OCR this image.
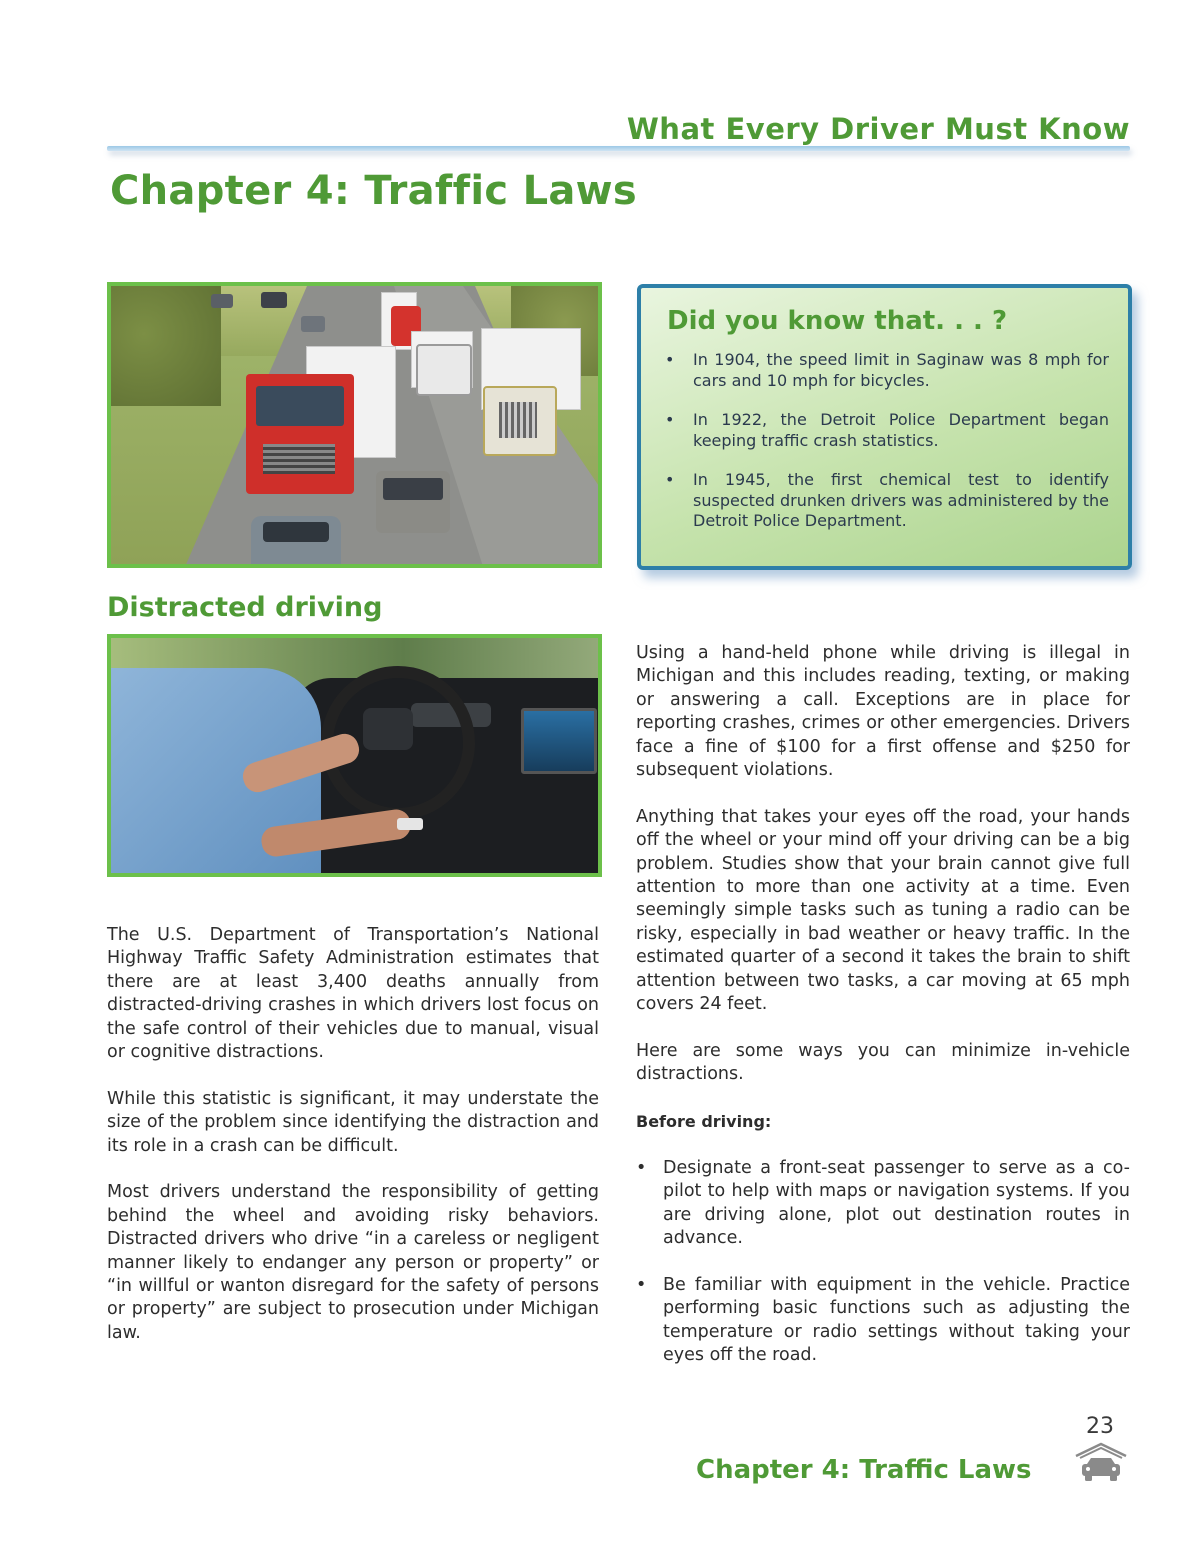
What Every Driver Must Know
Chapter 4: Traffic Laws
Did you know that. . . ?
• In 1904, the speed limit in Saginaw was 8 mph for cars and 10 mph for bicycles.
• In 1922, the Detroit Police Department began keeping traffic crash statistics.
• In 1945, the first chemical test to identify suspected drunken drivers was administered by the Detroit Police Department.
Distracted driving

The U.S. Department of Transportation’s National Highway Traffic Safety Administration estimates that there are at least 3,400 deaths annually from distracted-driving crashes in which drivers lost focus on the safe control of their vehicles due to manual, visual or cognitive distractions.

While this statistic is significant, it may understate the size of the problem since identifying the distraction and its role in a crash can be difficult.

Most drivers understand the responsibility of getting behind the wheel and avoiding risky behaviors. Distracted drivers who drive “in a careless or negligent manner likely to endanger any person or property” or “in willful or wanton disregard for the safety of persons or property” are subject to prosecution under Michigan law.

Using a hand-held phone while driving is illegal in Michigan and this includes reading, texting, or making or answering a call. Exceptions are in place for reporting crashes, crimes or other emergencies. Drivers face a fine of $100 for a first offense and $250 for subsequent violations.

Anything that takes your eyes off the road, your hands off the wheel or your mind off your driving can be a big problem. Studies show that your brain cannot give full attention to more than one activity at a time. Even seemingly simple tasks such as tuning a radio can be risky, especially in bad weather or heavy traffic. In the estimated quarter of a second it takes the brain to shift attention between two tasks, a car moving at 65 mph covers 24 feet.

Here are some ways you can minimize in-vehicle distractions.

Before driving:

• Designate a front-seat passenger to serve as a co-pilot to help with maps or navigation systems. If you are driving alone, plot out destination routes in advance.
• Be familiar with equipment in the vehicle. Practice performing basic functions such as adjusting the temperature or radio settings without taking your eyes off the road.
23
Chapter 4: Traffic Laws
